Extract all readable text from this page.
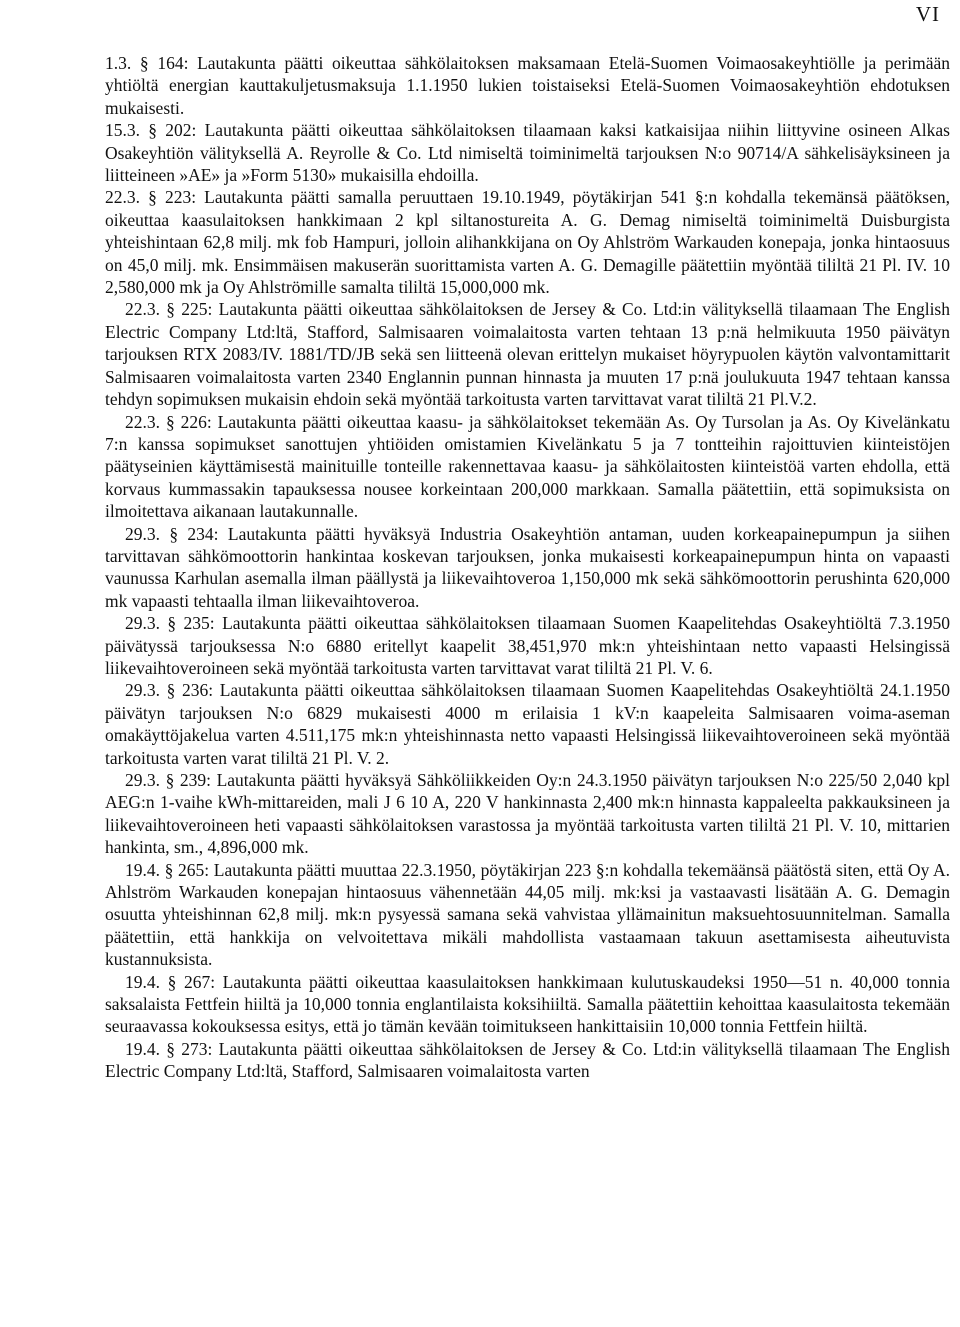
VI

1.3. § 164: Lautakunta päätti oikeuttaa sähkölaitoksen maksamaan Etelä-Suomen Voimaosakeyhtiölle ja perimään yhtiöltä energian kauttakuljetusmaksuja 1.1.1950 lukien toistaiseksi Etelä-Suomen Voimaosakeyhtiön ehdotuksen mukaisesti.

15.3. § 202: Lautakunta päätti oikeuttaa sähkölaitoksen tilaamaan kaksi katkaisijaa niihin liittyvine osineen Alkas Osakeyhtiön välityksellä A. Reyrolle & Co. Ltd nimiseltä toiminimeltä tarjouksen N:o 90714/A sähkelisäyksineen ja liitteineen »AE» ja »Form 5130» mukaisilla ehdoilla.

22.3. § 223: Lautakunta päätti samalla peruuttaen 19.10.1949, pöytäkirjan 541 §:n kohdalla tekemänsä päätöksen, oikeuttaa kaasulaitoksen hankkimaan 2 kpl siltanostureita A. G. Demag nimiseltä toiminimeltä Duisburgista yhteishintaan 62,8 milj. mk fob Hampuri, jolloin alihankkijana on Oy Ahlström Warkauden konepaja, jonka hintaosuus on 45,0 milj. mk. Ensimmäisen makuserän suorittamista varten A. G. Demagille päätettiin myöntää tililtä 21 Pl. IV. 10 2,580,000 mk ja Oy Ahlströmille samalta tililtä 15,000,000 mk.

22.3. § 225: Lautakunta päätti oikeuttaa sähkölaitoksen de Jersey & Co. Ltd:in välityksellä tilaamaan The English Electric Company Ltd:ltä, Stafford, Salmisaaren voimalaitosta varten tehtaan 13 p:nä helmikuuta 1950 päivätyn tarjouksen RTX 2083/IV. 1881/TD/JB sekä sen liitteenä olevan erittelyn mukaiset höyrypuolen käytön valvontamittarit Salmisaaren voimalaitosta varten 2340 Englannin punnan hinnasta ja muuten 17 p:nä joulukuuta 1947 tehtaan kanssa tehdyn sopimuksen mukaisin ehdoin sekä myöntää tarkoitusta varten tarvittavat varat tililtä 21 Pl.V.2.

22.3. § 226: Lautakunta päätti oikeuttaa kaasu- ja sähkölaitokset tekemään As. Oy Tursolan ja As. Oy Kivelänkatu 7:n kanssa sopimukset sanottujen yhtiöiden omistamien Kivelänkatu 5 ja 7 tontteihin rajoittuvien kiinteistöjen päätyseinien käyttämisestä mainituille tonteille rakennettavaa kaasu- ja sähkölaitosten kiinteistöä varten ehdolla, että korvaus kummassakin tapauksessa nousee korkeintaan 200,000 markkaan. Samalla päätettiin, että sopimuksista on ilmoitettava aikanaan lautakunnalle.

29.3. § 234: Lautakunta päätti hyväksyä Industria Osakeyhtiön antaman, uuden korkeapainepumpun ja siihen tarvittavan sähkömoottorin hankintaa koskevan tarjouksen, jonka mukaisesti korkeapainepumpun hinta on vapaasti vaunussa Karhulan asemalla ilman päällystä ja liikevaihtoveroa 1,150,000 mk sekä sähkömoottorin perushinta 620,000 mk vapaasti tehtaalla ilman liikevaihtoveroa.

29.3. § 235: Lautakunta päätti oikeuttaa sähkölaitoksen tilaamaan Suomen Kaapelitehdas Osakeyhtiöltä 7.3.1950 päivätyssä tarjouksessa N:o 6880 eritellyt kaapelit 38,451,970 mk:n yhteishintaan netto vapaasti Helsingissä liikevaihtoveroineen sekä myöntää tarkoitusta varten tarvittavat varat tililtä 21 Pl. V. 6.

29.3. § 236: Lautakunta päätti oikeuttaa sähkölaitoksen tilaamaan Suomen Kaapelitehdas Osakeyhtiöltä 24.1.1950 päivätyn tarjouksen N:o 6829 mukaisesti 4000 m erilaisia 1 kV:n kaapeleita Salmisaaren voima-aseman omakäyttöjakelua varten 4.511,175 mk:n yhteishinnasta netto vapaasti Helsingissä liikevaihtoveroineen sekä myöntää tarkoitusta varten varat tililtä 21 Pl. V. 2.

29.3. § 239: Lautakunta päätti hyväksyä Sähköliikkeiden Oy:n 24.3.1950 päivätyn tarjouksen N:o 225/50 2,040 kpl AEG:n 1-vaihe kWh-mittareiden, mali J 6 10 A, 220 V hankinnasta 2,400 mk:n hinnasta kappaleelta pakkauksineen ja liikevaihtoveroineen heti vapaasti sähkölaitoksen varastossa ja myöntää tarkoitusta varten tililtä 21 Pl. V. 10, mittarien hankinta, sm., 4,896,000 mk.

19.4. § 265: Lautakunta päätti muuttaa 22.3.1950, pöytäkirjan 223 §:n kohdalla tekemäänsä päätöstä siten, että Oy A. Ahlström Warkauden konepajan hintaosuus vähennetään 44,05 milj. mk:ksi ja vastaavasti lisätään A. G. Demagin osuutta yhteishinnan 62,8 milj. mk:n pysyessä samana sekä vahvistaa yllämainitun maksuehtosuunnitelman. Samalla päätettiin, että hankkija on velvoitettava mikäli mahdollista vastaamaan takuun asettamisesta aiheutuvista kustannuksista.

19.4. § 267: Lautakunta päätti oikeuttaa kaasulaitoksen hankkimaan kulutuskaudeksi 1950—51 n. 40,000 tonnia saksalaista Fettfein hiiltä ja 10,000 tonnia englantilaista koksihiiltä. Samalla päätettiin kehoittaa kaasulaitosta tekemään seuraavassa kokouksessa esitys, että jo tämän kevään toimitukseen hankittaisiin 10,000 tonnia Fettfein hiiltä.

19.4. § 273: Lautakunta päätti oikeuttaa sähkölaitoksen de Jersey & Co. Ltd:in välityksellä tilaamaan The English Electric Company Ltd:ltä, Stafford, Salmisaaren voimalaitosta varten
